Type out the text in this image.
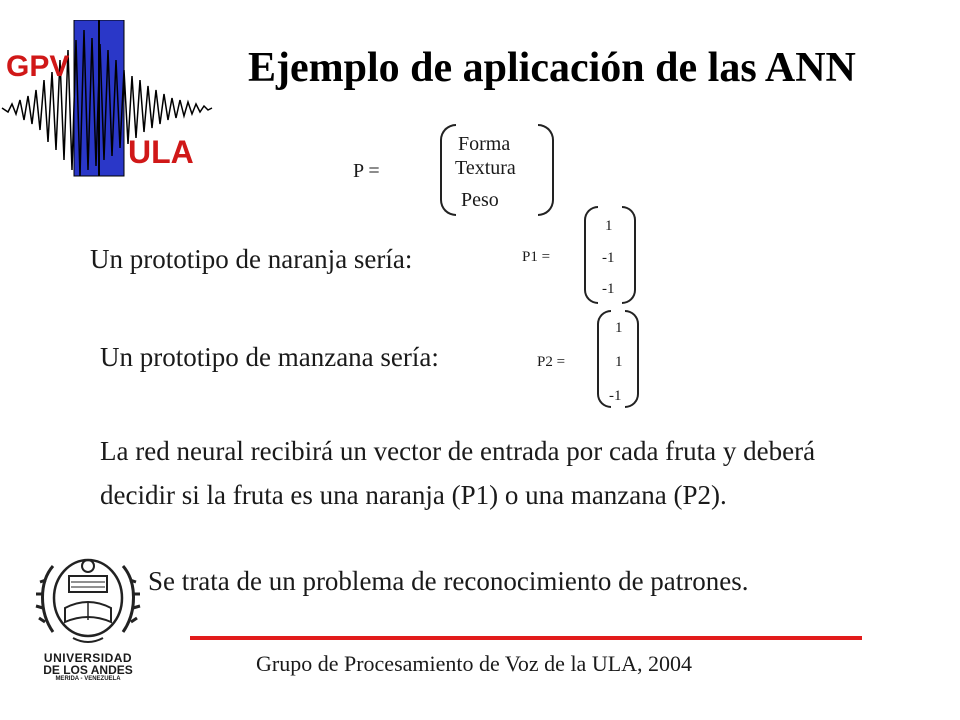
GPV
ULA
Ejemplo de aplicación de las ANN
P =
Forma
Textura
Peso
Un prototipo de naranja sería:	P1 =
1
-1
-1
Un prototipo de manzana sería:	P2 =
1
1
-1
La red neural recibirá un vector de entrada por cada fruta y deberá
decidir si la fruta es una naranja (P1) o una manzana (P2).
UNIVERSIDAD
DE LOS ANDES
MERIDA - VENEZUELA
Se trata de un problema de reconocimiento de patrones.
Grupo de Procesamiento de Voz de la ULA, 2004
